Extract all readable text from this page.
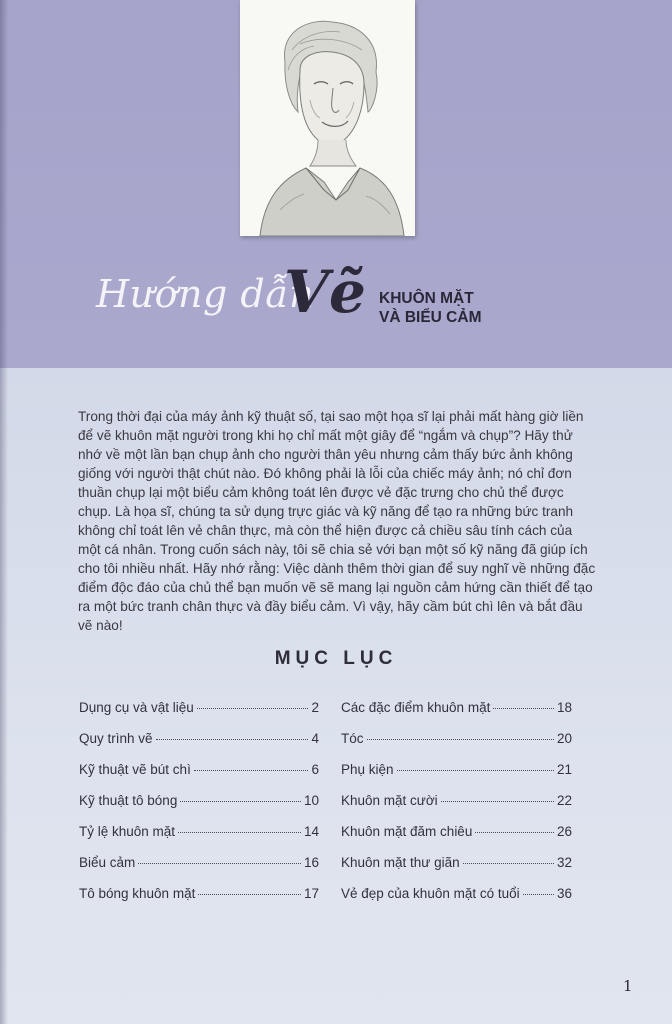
Hướng dẫn
Vẽ KHUÔN MẶT
VÀ BIỂU CẢM

Trong thời đại của máy ảnh kỹ thuật số, tại sao một họa sĩ lại phải mất hàng giờ liền để vẽ khuôn mặt người trong khi họ chỉ mất một giây để “ngắm và chụp”? Hãy thử nhớ về một lần bạn chụp ảnh cho người thân yêu nhưng cảm thấy bức ảnh không giống với người thật chút nào. Đó không phải là lỗi của chiếc máy ảnh; nó chỉ đơn thuần chụp lại một biểu cảm không toát lên được vẻ đặc trưng cho chủ thể được chụp. Là họa sĩ, chúng ta sử dụng trực giác và kỹ năng để tạo ra những bức tranh không chỉ toát lên vẻ chân thực, mà còn thể hiện được cả chiều sâu tính cách của một cá nhân. Trong cuốn sách này, tôi sẽ chia sẻ với bạn một số kỹ năng đã giúp ích cho tôi nhiều nhất. Hãy nhớ rằng: Việc dành thêm thời gian để suy nghĩ về những đặc điểm độc đáo của chủ thể bạn muốn vẽ sẽ mang lại nguồn cảm hứng cần thiết để tạo ra một bức tranh chân thực và đầy biểu cảm. Vì vậy, hãy cầm bút chì lên và bắt đầu vẽ nào!

MỤC LỤC
Dụng cụ và vật liệu	2
Quy trình vẽ	4
Kỹ thuật vẽ bút chì	6
Kỹ thuật tô bóng	10
Tỷ lệ khuôn mặt	14
Biểu cảm	16
Tô bóng khuôn mặt	17
Các đặc điểm khuôn mặt	18
Tóc	20
Phụ kiện	21
Khuôn mặt cười	22
Khuôn mặt đăm chiêu	26
Khuôn mặt thư giãn	32
Vẻ đẹp của khuôn mặt có tuổi	36
1
